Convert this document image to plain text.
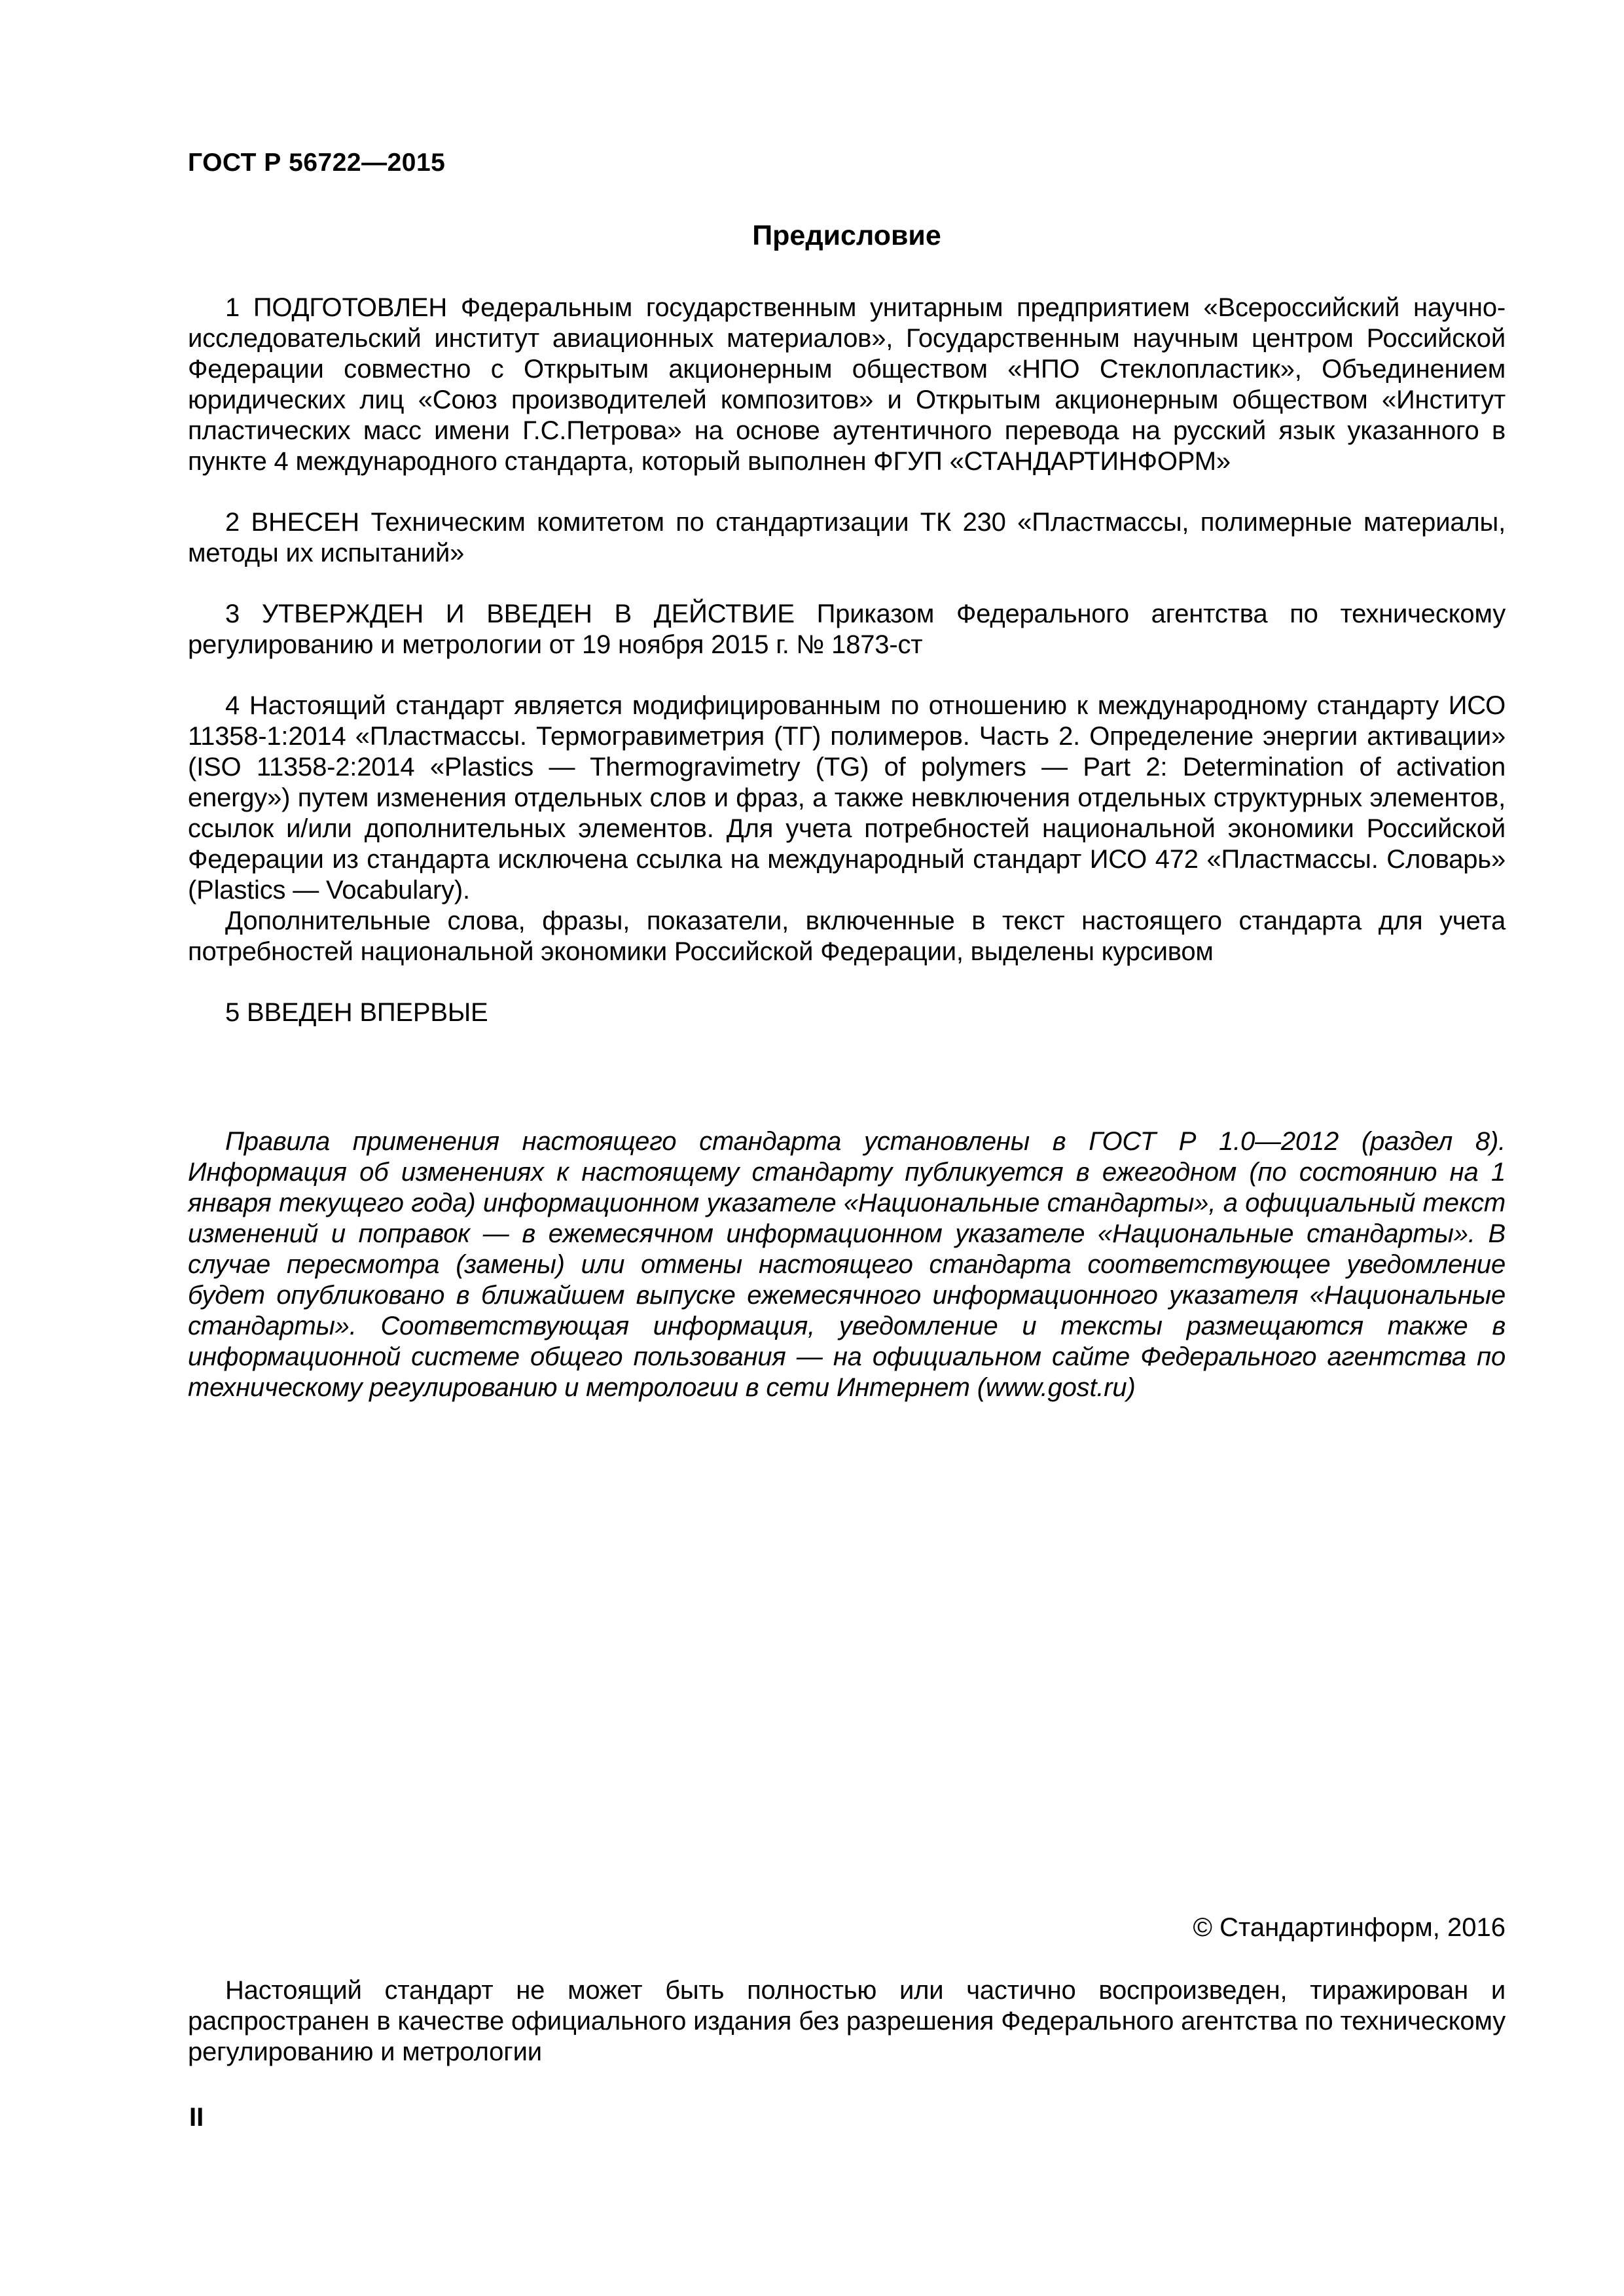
ГОСТ Р 56722—2015
Предисловие

1 ПОДГОТОВЛЕН Федеральным государственным унитарным предприятием «Всероссийский научно-исследовательский институт авиационных материалов», Государственным научным центром Российской Федерации совместно с Открытым акционерным обществом «НПО Стеклопластик», Объединением юридических лиц «Союз производителей композитов» и Открытым акционерным обществом «Институт пластических масс имени Г.С.Петрова» на основе аутентичного перевода на русский язык указанного в пункте 4 международного стандарта, который выполнен ФГУП «СТАНДАРТИНФОРМ»

2 ВНЕСЕН Техническим комитетом по стандартизации ТК 230 «Пластмассы, полимерные материалы, методы их испытаний»

3 УТВЕРЖДЕН И ВВЕДЕН В ДЕЙСТВИЕ Приказом Федерального агентства по техническому регулированию и метрологии от 19 ноября 2015 г. № 1873-ст

4 Настоящий стандарт является модифицированным по отношению к международному стандарту ИСО 11358-1:2014 «Пластмассы. Термогравиметрия (ТГ) полимеров. Часть 2. Определение энергии активации» (ISO 11358-2:2014 «Plastics — Thermogravimetry (TG) of polymers — Part 2: Determination of activation energy») путем изменения отдельных слов и фраз, а также невключения отдельных структурных элементов, ссылок и/или дополнительных элементов. Для учета потребностей национальной экономики Российской Федерации из стандарта исключена ссылка на международный стандарт ИСО 472 «Пластмассы. Словарь» (Plastics — Vocabulary).

Дополнительные слова, фразы, показатели, включенные в текст настоящего стандарта для учета потребностей национальной экономики Российской Федерации, выделены курсивом

5 ВВЕДЕН ВПЕРВЫЕ

Правила применения настоящего стандарта установлены в ГОСТ Р 1.0—2012 (раздел 8). Информация об изменениях к настоящему стандарту публикуется в ежегодном (по состоянию на 1 января текущего года) информационном указателе «Национальные стандарты», а официальный текст изменений и поправок — в ежемесячном информационном указателе «Национальные стандарты». В случае пересмотра (замены) или отмены настоящего стандарта соответствующее уведомление будет опубликовано в ближайшем выпуске ежемесячного информационного указателя «Национальные стандарты». Соответствующая информация, уведомление и тексты размещаются также в информационной системе общего пользования — на официальном сайте Федерального агентства по техническому регулированию и метрологии в сети Интернет (www.gost.ru)

© Стандартинформ, 2016

Настоящий стандарт не может быть полностью или частично воспроизведен, тиражирован и распространен в качестве официального издания без разрешения Федерального агентства по техническому регулированию и метрологии

II
